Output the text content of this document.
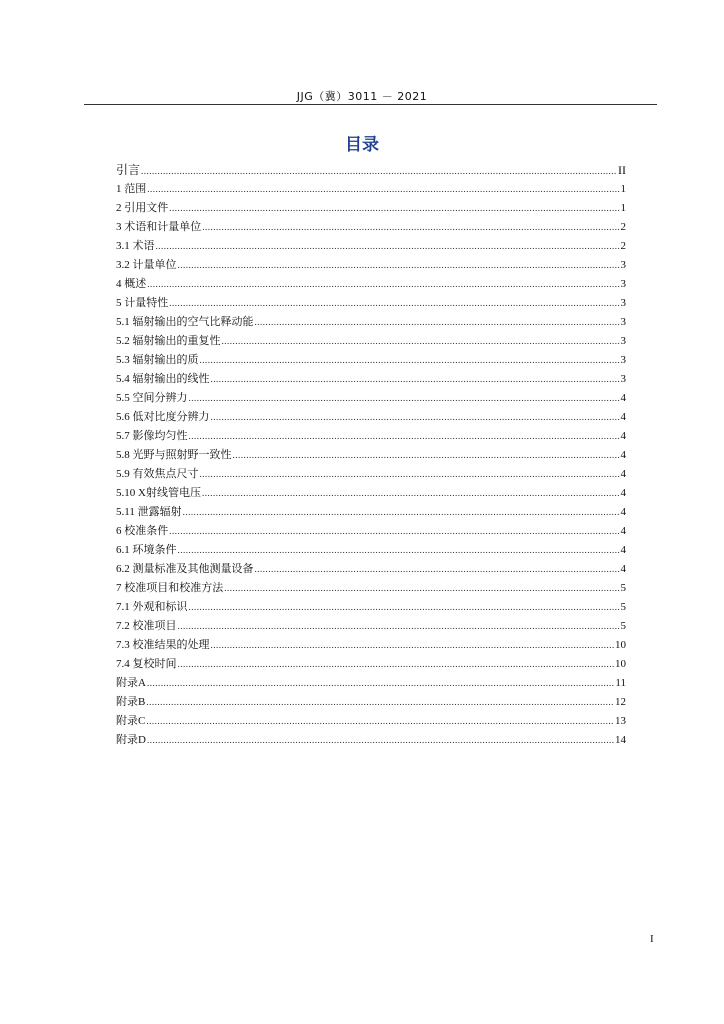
JJG（冀）3011 － 2021
目录
引言 .....	II
1 范围 .....	1
2 引用文件 .....	1
3 术语和计量单位 .....	2
3.1 术语 .....	2
3.2 计量单位 .....	3
4 概述 .....	3
5 计量特性 .....	3
5.1 辐射输出的空气比释动能 .....	3
5.2 辐射输出的重复性 .....	3
5.3 辐射输出的质 .....	3
5.4 辐射输出的线性 .....	3
5.5 空间分辨力 .....	4
5.6 低对比度分辨力 .....	4
5.7 影像均匀性 .....	4
5.8 光野与照射野一致性 .....	4
5.9 有效焦点尺寸 .....	4
5.10 X射线管电压 .....	4
5.11 泄露辐射 .....	4
6 校准条件 .....	4
6.1 环境条件 .....	4
6.2 测量标准及其他测量设备 .....	4
7 校准项目和校准方法 .....	5
7.1 外观和标识 .....	5
7.2 校准项目 .....	5
7.3 校准结果的处理 .....	10
7.4 复校时间 .....	10
附录A .....	11
附录B .....	12
附录C .....	13
附录D .....	14
I
